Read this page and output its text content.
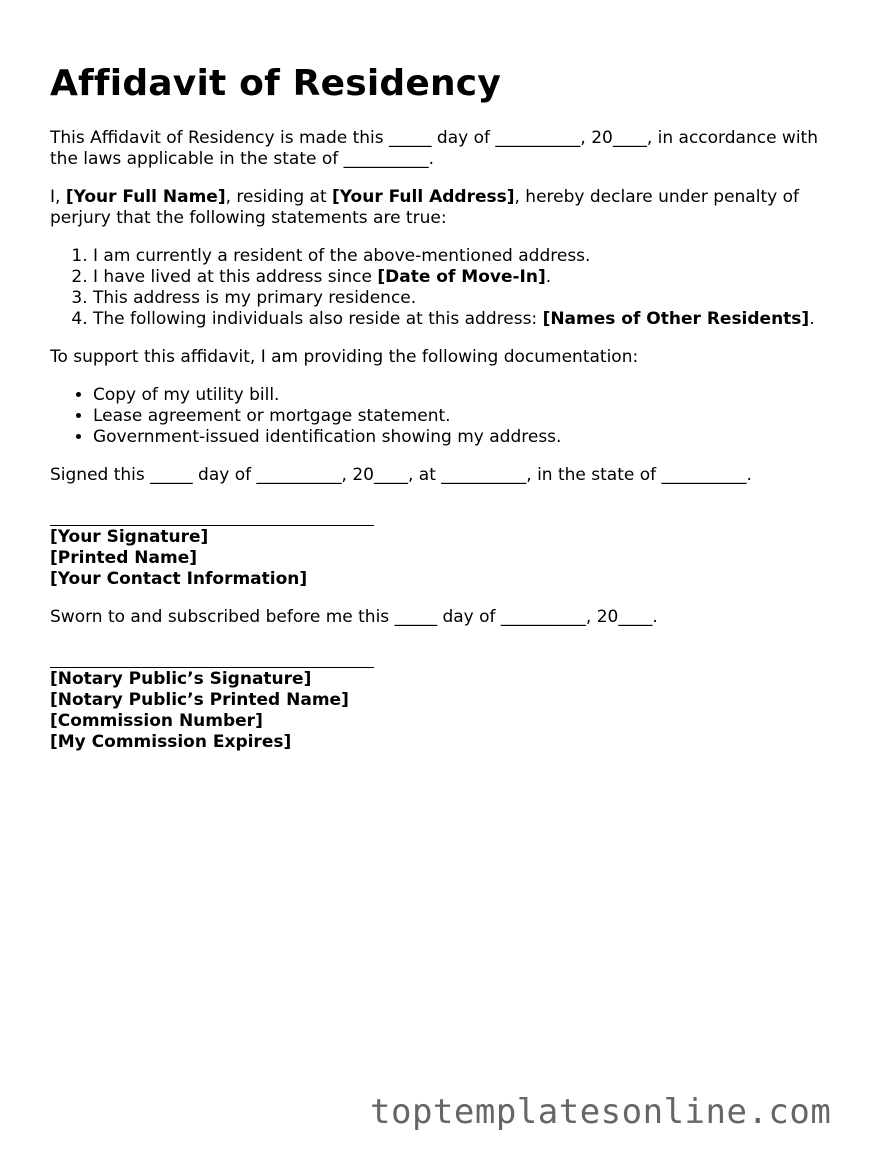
Affidavit of Residency

This Affidavit of Residency is made this _____ day of __________, 20____, in accordance with the laws applicable in the state of __________.

I, [Your Full Name], residing at [Your Full Address], hereby declare under penalty of perjury that the following statements are true:

1. I am currently a resident of the above-mentioned address.
2. I have lived at this address since [Date of Move-In].
3. This address is my primary residence.
4. The following individuals also reside at this address: [Names of Other Residents].

To support this affidavit, I am providing the following documentation:

• Copy of my utility bill.
• Lease agreement or mortgage statement.
• Government-issued identification showing my address.

Signed this _____ day of __________, 20____, at __________, in the state of __________.

[Your Signature]
[Printed Name]
[Your Contact Information]

Sworn to and subscribed before me this _____ day of __________, 20____.

[Notary Public’s Signature]
[Notary Public’s Printed Name]
[Commission Number]
[My Commission Expires]
toptemplatesonline.com
